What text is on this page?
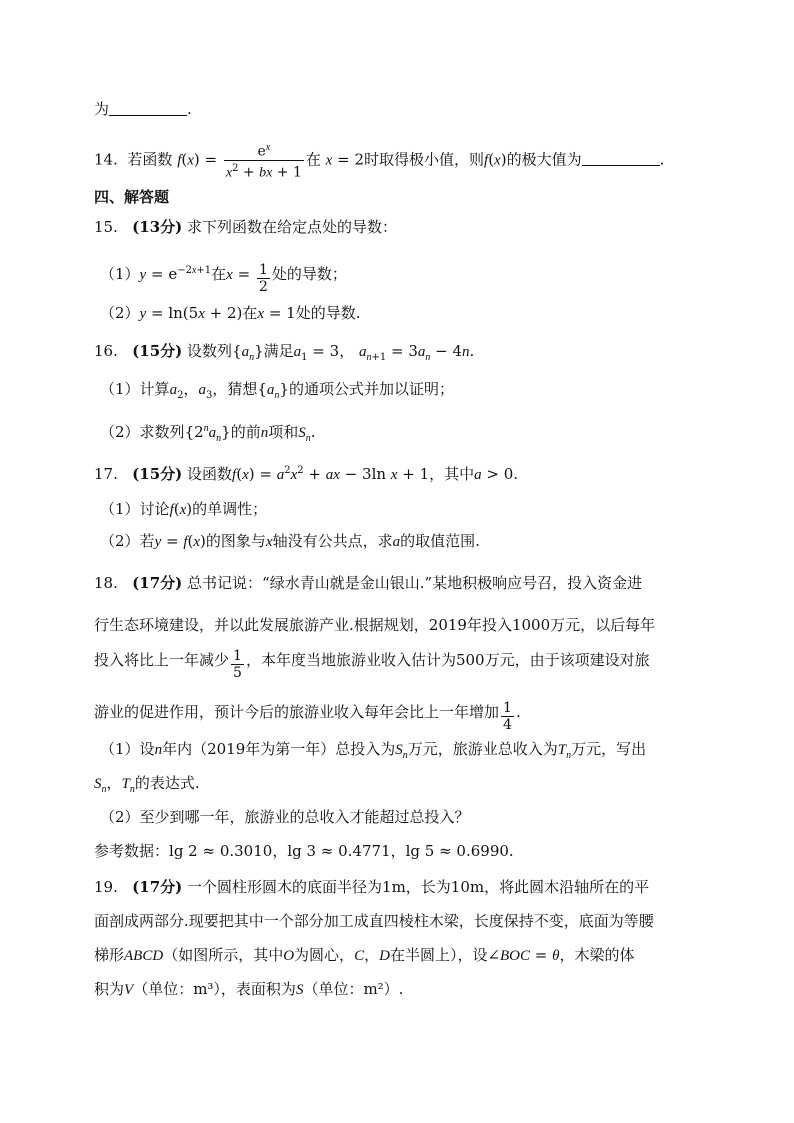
为	.
14. 若函数 $f(x) = \frac{e^x}{x^2 + bx + 1}$ 在 x = 2时取得极小值，则f(x)的极大值为	.
四、解答题
15. (13分) 求下列函数在给定点处的导数：
$(1)y = e^{-2x+1}$在$x = \frac{1}{2}$ 处的导数；
（2）y = ln(5x + 2)在x = 1处的导数.
16. (15分) 设数列$\{a_n\}$满足$a_1 = 3$， $a_{n+1} = 3a_n - 4n$.
（1）计算$a_2$，$a_3$，猜想$\{a_n\}$的通项公式并加以证明；
（2）求数列$\{2^na_n\}$的前n项和$S_n$.
17. (15分) 设函数$f(x) = a^2x^2$ + ax − 3ln x + 1，其中a > 0.
（1）讨论f(x)的单调性；
（2）若y = f(x)的图象与x轴没有公共点，求a的取值范围.
18. (17分) 总书记说：“绿水青山就是金山银山.”某地积极响应号召，投入资金进
行生态环境建设，并以此发展旅游产业.根据规划，2019年投入1000万元，以后每年
投入将比上一年减少 $\frac{1}{5}$ ，本年度当地旅游业收入估计为500万元，由于该项建设对旅
游业的促进作用，预计今后的旅游业收入每年会比上一年增加 $\frac{1}{4}$ .
（1）设n年内（2019年为第一年）总投入为$S_n$万元，旅游业总收入为$T_n$万元，写出
$S_n$，$T_n$的表达式.
（2）至少到哪一年，旅游业的总收入才能超过总投入？
参考数据：lg 2 ≈ 0.3010，lg 3 ≈ 0.4771，lg 5 ≈ 0.6990.
19. (17分) 一个圆柱形圆木的底面半径为1m，长为10m，将此圆木沿轴所在的平
面剖成两部分.现要把其中一个部分加工成直四棱柱木梁，长度保持不变，底面为等腰
梯形ABCD（如图所示，其中O为圆心，C，D在半圆上），设∠BOC = θ，木梁的体
积为V（单位：m³），表面积为S（单位：m²）.
